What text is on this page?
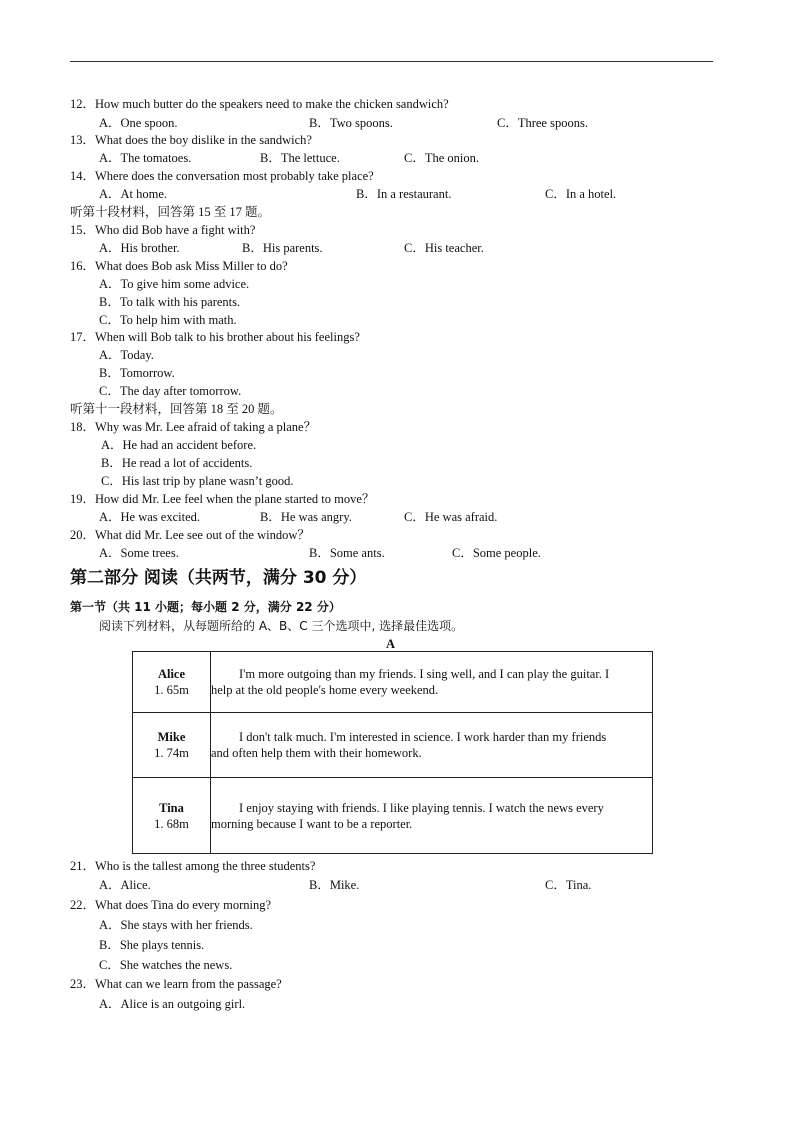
12．How much butter do the speakers need to make the chicken sandwich?
A．One spoon.	B．Two spoons.	C．Three spoons.
13．What does the boy dislike in the sandwich?
A．The tomatoes.	B．The lettuce.	C．The onion.
14．Where does the conversation most probably take place?
A．At home.	B．In a restaurant.	C．In a hotel.
听第十段材料，回答第 15 至 17 题。
15．Who did Bob have a fight with?
A．His brother.	B．His parents.	C．His teacher.
16．What does Bob ask Miss Miller to do?
A．To give him some advice.
B．To talk with his parents.
C．To help him with math.
17．When will Bob talk to his brother about his feelings?
A．Today.
B．Tomorrow.
C．The day after tomorrow.
听第十一段材料，回答第 18 至 20 题。
18．Why was Mr. Lee afraid of taking a plane？
A．He had an accident before.
B．He read a lot of accidents.
C．His last trip by plane wasn’t good.
19．How did Mr. Lee feel when the plane started to move？
A．He was excited.	B．He was angry.	C．He was afraid.
20．What did Mr. Lee see out of the window？
A．Some trees.	B．Some ants.	C．Some people.
第二部分 阅读（共两节，满分 30 分）
第一节（共 11 小题；每小题 2 分，满分 22 分）
阅读下列材料，从每题所给的 A、B、C 三个选项中, 选择最佳选项。
A
Alice
1. 65m	I'm more outgoing than my friends. I sing well, and I can play the guitar. I
help at the old people's home every weekend.

Mike
1. 74m	I don't talk much. I'm interested in science. I work harder than my friends
and often help them with their homework.

Tina
1. 68m	I enjoy staying with friends. I like playing tennis. I watch the news every
morning because I want to be a reporter.
21．Who is the tallest among the three students?
A．Alice.	B．Mike.	C．Tina.
22．What does Tina do every morning?
A．She stays with her friends.
B．She plays tennis.
C．She watches the news.
23．What can we learn from the passage?
A．Alice is an outgoing girl.
